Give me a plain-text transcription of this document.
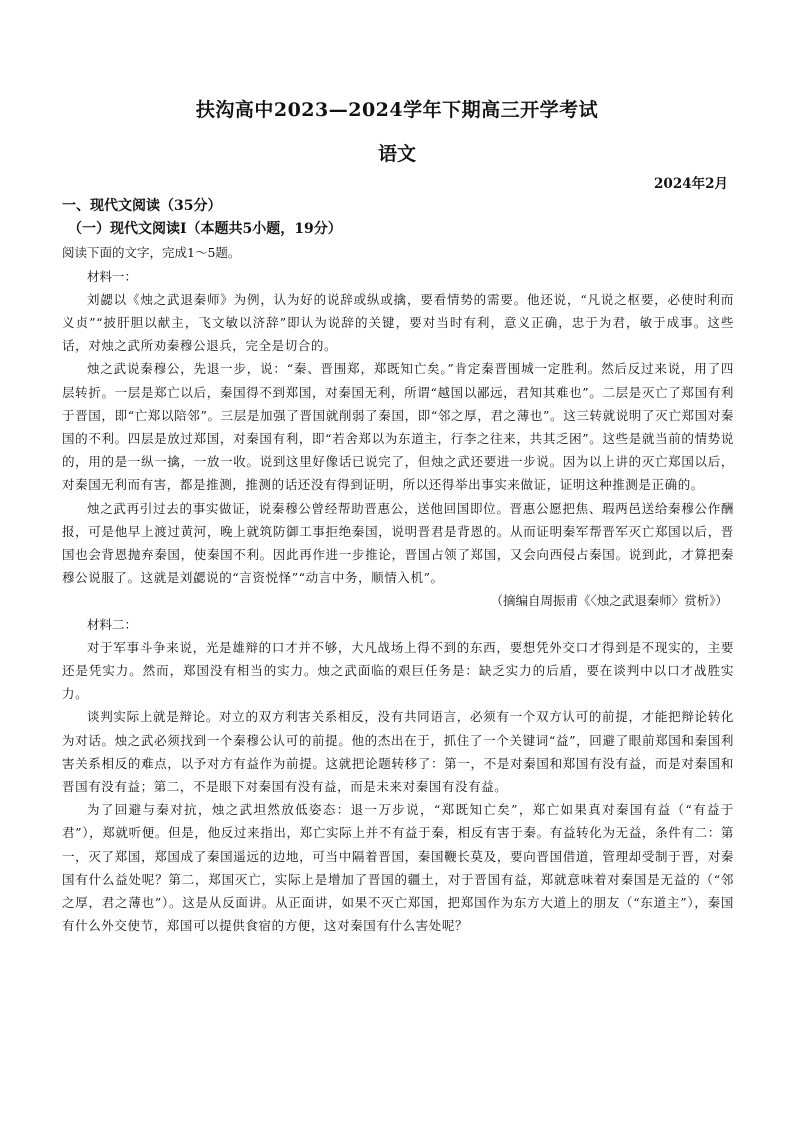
扶沟高中2023—2024学年下期高三开学考试
语文
2024年2月

一、现代文阅读（35分）

（一）现代文阅读Ⅰ（本题共5小题，19分）

阅读下面的文字，完成1～5题。

材料一：

刘勰以《烛之武退秦师》为例，认为好的说辞或纵或擒，要看情势的需要。他还说，“凡说之枢要，必使时利而义贞”“披肝胆以献主，飞文敏以济辞”即认为说辞的关键，要对当时有利，意义正确，忠于为君，敏于成事。这些话，对烛之武所劝秦穆公退兵，完全是切合的。

烛之武说秦穆公，先退一步，说：“秦、晋围郑，郑既知亡矣。”肯定秦晋围城一定胜利。然后反过来说，用了四层转折。一层是郑亡以后，秦国得不到郑国，对秦国无利，所谓“越国以鄙远，君知其难也”。二层是灭亡了郑国有利于晋国，即“亡郑以陪邻”。三层是加强了晋国就削弱了秦国，即“邻之厚，君之薄也”。这三转就说明了灭亡郑国对秦国的不利。四层是放过郑国，对秦国有利，即“若舍郑以为东道主，行李之往来，共其乏困”。这些是就当前的情势说的，用的是一纵一擒，一放一收。说到这里好像话已说完了，但烛之武还要进一步说。因为以上讲的灭亡郑国以后，对秦国无利而有害，都是推测，推测的话还没有得到证明，所以还得举出事实来做证，证明这种推测是正确的。

烛之武再引过去的事实做证，说秦穆公曾经帮助晋惠公，送他回国即位。晋惠公愿把焦、瑕两邑送给秦穆公作酬报，可是他早上渡过黄河，晚上就筑防御工事拒绝秦国，说明晋君是背恩的。从而证明秦军帮晋军灭亡郑国以后，晋国也会背恩抛弃秦国，使秦国不利。因此再作进一步推论，晋国占领了郑国，又会向西侵占秦国。说到此，才算把秦穆公说服了。这就是刘勰说的“言资悦怿”“动言中务，顺情入机”。

（摘编自周振甫《〈烛之武退秦师〉赏析》）

材料二：

对于军事斗争来说，光是雄辩的口才并不够，大凡战场上得不到的东西，要想凭外交口才得到是不现实的，主要还是凭实力。然而，郑国没有相当的实力。烛之武面临的艰巨任务是：缺乏实力的后盾，要在谈判中以口才战胜实力。

谈判实际上就是辩论。对立的双方利害关系相反，没有共同语言，必须有一个双方认可的前提，才能把辩论转化为对话。烛之武必须找到一个秦穆公认可的前提。他的杰出在于，抓住了一个关键词“益”，回避了眼前郑国和秦国利害关系相反的难点，以予对方有益作为前提。这就把论题转移了：第一，不是对秦国和郑国有没有益，而是对秦国和晋国有没有益；第二，不是眼下对秦国有没有益，而是未来对秦国有没有益。

为了回避与秦对抗，烛之武坦然放低姿态：退一万步说，“郑既知亡矣”，郑亡如果真对秦国有益（“有益于君”），郑就听便。但是，他反过来指出，郑亡实际上并不有益于秦，相反有害于秦。有益转化为无益，条件有二：第一，灭了郑国，郑国成了秦国遥远的边地，可当中隔着晋国，秦国鞭长莫及，要向晋国借道，管理却受制于晋，对秦国有什么益处呢？第二，郑国灭亡，实际上是增加了晋国的疆土，对于晋国有益，郑就意味着对秦国是无益的（“邻之厚，君之薄也”）。这是从反面讲。从正面讲，如果不灭亡郑国，把郑国作为东方大道上的朋友（“东道主”），秦国有什么外交使节，郑国可以提供食宿的方便，这对秦国有什么害处呢？
